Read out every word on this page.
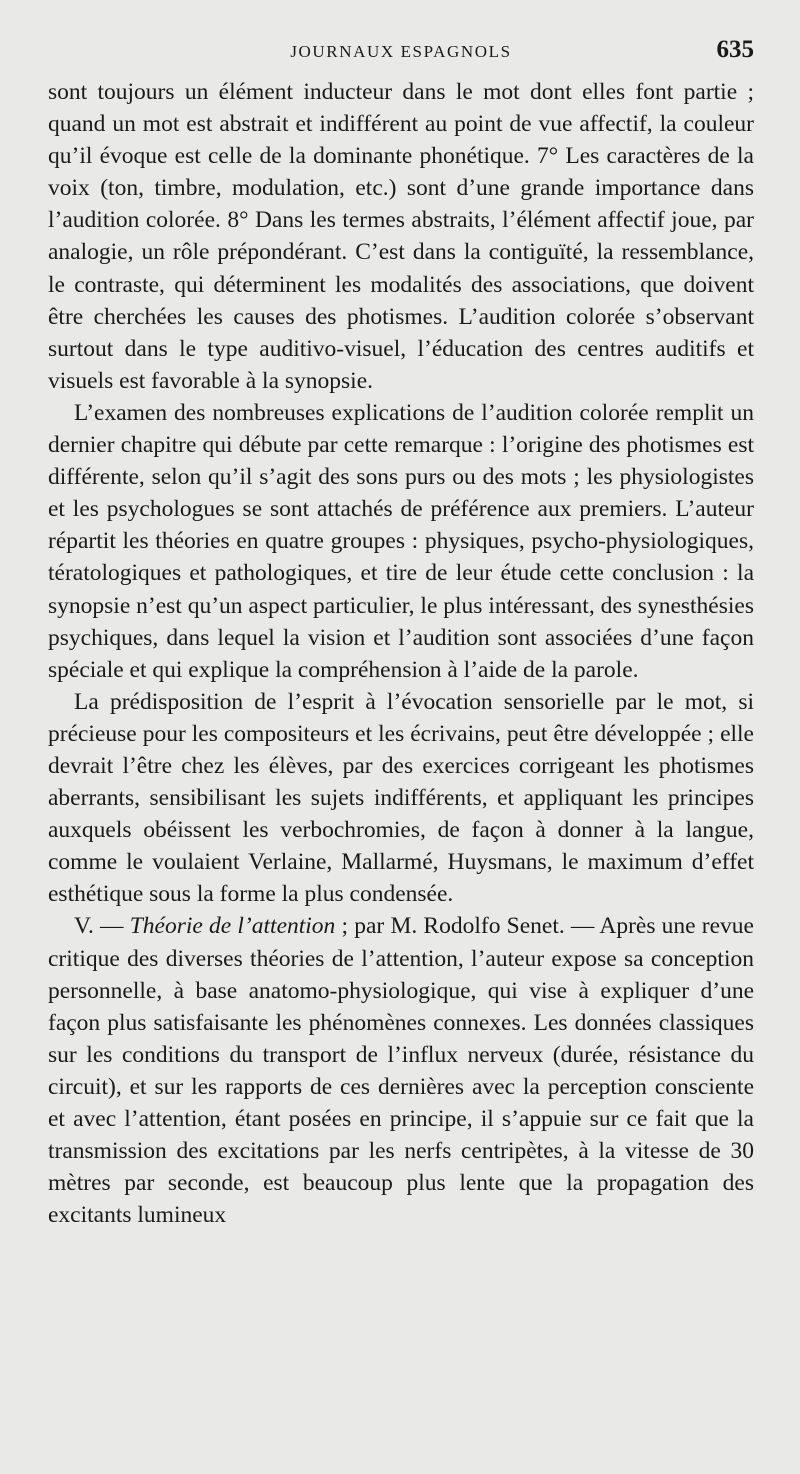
JOURNAUX ESPAGNOLS	635

sont toujours un élément inducteur dans le mot dont elles font partie ; quand un mot est abstrait et indifférent au point de vue affectif, la couleur qu’il évoque est celle de la dominante phonétique. 7° Les caractères de la voix (ton, timbre, modulation, etc.) sont d’une grande importance dans l’audition colorée. 8° Dans les termes abstraits, l’élément affectif joue, par analogie, un rôle prépondérant. C’est dans la contiguïté, la ressemblance, le contraste, qui déterminent les modalités des associations, que doivent être cherchées les causes des photismes. L’audition colorée s’observant surtout dans le type auditivo-visuel, l’éducation des centres auditifs et visuels est favorable à la synopsie.

L’examen des nombreuses explications de l’audition colorée remplit un dernier chapitre qui débute par cette remarque : l’origine des photismes est différente, selon qu’il s’agit des sons purs ou des mots ; les physiologistes et les psychologues se sont attachés de préférence aux premiers. L’auteur répartit les théories en quatre groupes : physiques, psycho-physiologiques, tératologiques et pathologiques, et tire de leur étude cette conclusion : la synopsie n’est qu’un aspect particulier, le plus intéressant, des synesthésies psychiques, dans lequel la vision et l’audition sont associées d’une façon spéciale et qui explique la compréhension à l’aide de la parole.

La prédisposition de l’esprit à l’évocation sensorielle par le mot, si précieuse pour les compositeurs et les écrivains, peut être développée ; elle devrait l’être chez les élèves, par des exercices corrigeant les photismes aberrants, sensibilisant les sujets indifférents, et appliquant les principes auxquels obéissent les verbochromies, de façon à donner à la langue, comme le voulaient Verlaine, Mallarmé, Huysmans, le maximum d’effet esthétique sous la forme la plus condensée.

V. — Théorie de l’attention ; par M. Rodolfo Senet. — Après une revue critique des diverses théories de l’attention, l’auteur expose sa conception personnelle, à base anatomo-physiologique, qui vise à expliquer d’une façon plus satisfaisante les phénomènes connexes. Les données classiques sur les conditions du transport de l’influx nerveux (durée, résistance du circuit), et sur les rapports de ces dernières avec la perception consciente et avec l’attention, étant posées en principe, il s’appuie sur ce fait que la transmission des excitations par les nerfs centripètes, à la vitesse de 30 mètres par seconde, est beaucoup plus lente que la propagation des excitants lumineux
